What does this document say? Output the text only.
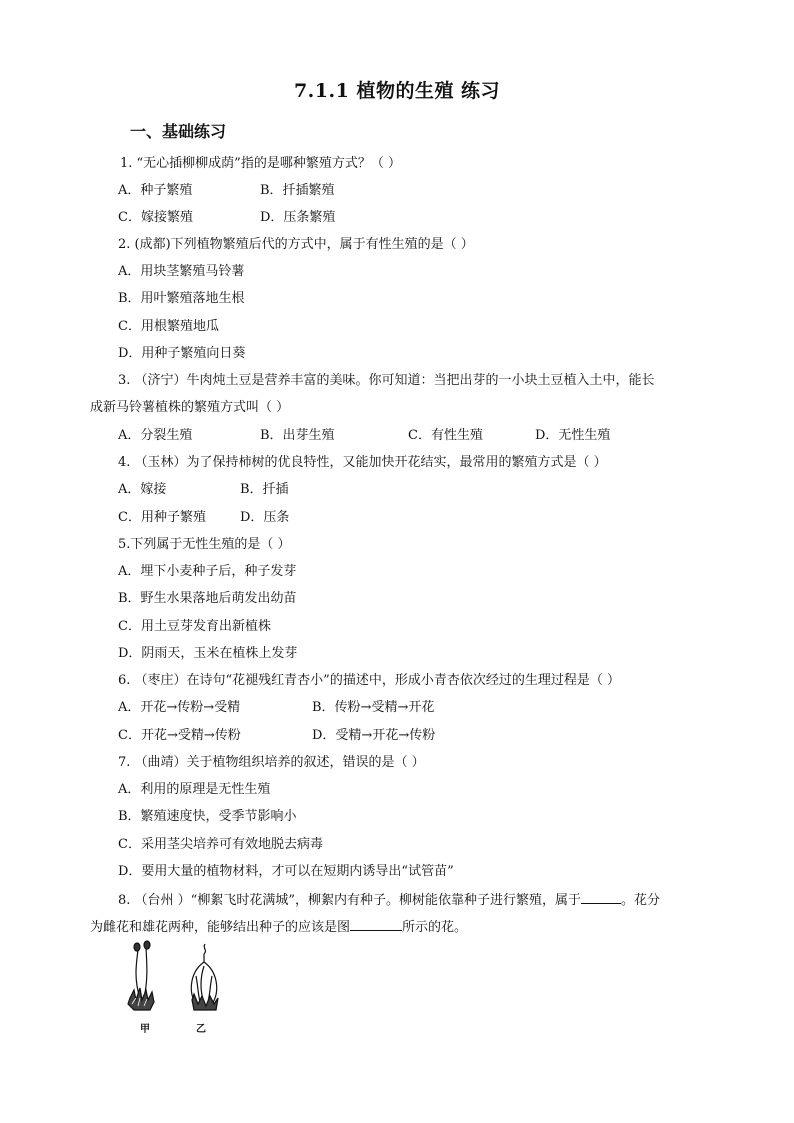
7.1.1 植物的生殖 练习
一、基础练习
1. “无心插柳柳成荫”指的是哪种繁殖方式？（ ）
A．种子繁殖	B．扦插繁殖
C．嫁接繁殖	D．压条繁殖
2. (成都)下列植物繁殖后代的方式中，属于有性生殖的是（ ）
A．用块茎繁殖马铃薯
B．用叶繁殖落地生根
C．用根繁殖地瓜
D．用种子繁殖向日葵
3. （济宁）牛肉炖土豆是营养丰富的美味。你可知道：当把出芽的一小块土豆植入土中，能长
成新马铃薯植株的繁殖方式叫（ ）
A．分裂生殖	B．出芽生殖	C．有性生殖	D．无性生殖
4. （玉林）为了保持柿树的优良特性，又能加快开花结实，最常用的繁殖方式是（ ）
A．嫁接	B．扦插
C．用种子繁殖	D．压条
5.下列属于无性生殖的是（ ）
A．埋下小麦种子后，种子发芽
B．野生水果落地后萌发出幼苗
C．用土豆芽发育出新植株
D．阴雨天，玉米在植株上发芽
6. （枣庄）在诗句“花褪残红青杏小”的描述中，形成小青杏依次经过的生理过程是（ ）
A．开花→传粉→受精	B．传粉→受精→开花
C．开花→受精→传粉	D．受精→开花→传粉
7. （曲靖）关于植物组织培养的叙述，错误的是（ ）
A．利用的原理是无性生殖
B．繁殖速度快，受季节影响小
C．采用茎尖培养可有效地脱去病毒
D．要用大量的植物材料，才可以在短期内诱导出“试管苗”
8. （台州 ）“柳絮飞时花满城”，柳絮内有种子。柳树能依靠种子进行繁殖，属于	。花分
为雌花和雄花两种，能够结出种子的应该是图	所示的花。
甲	乙
